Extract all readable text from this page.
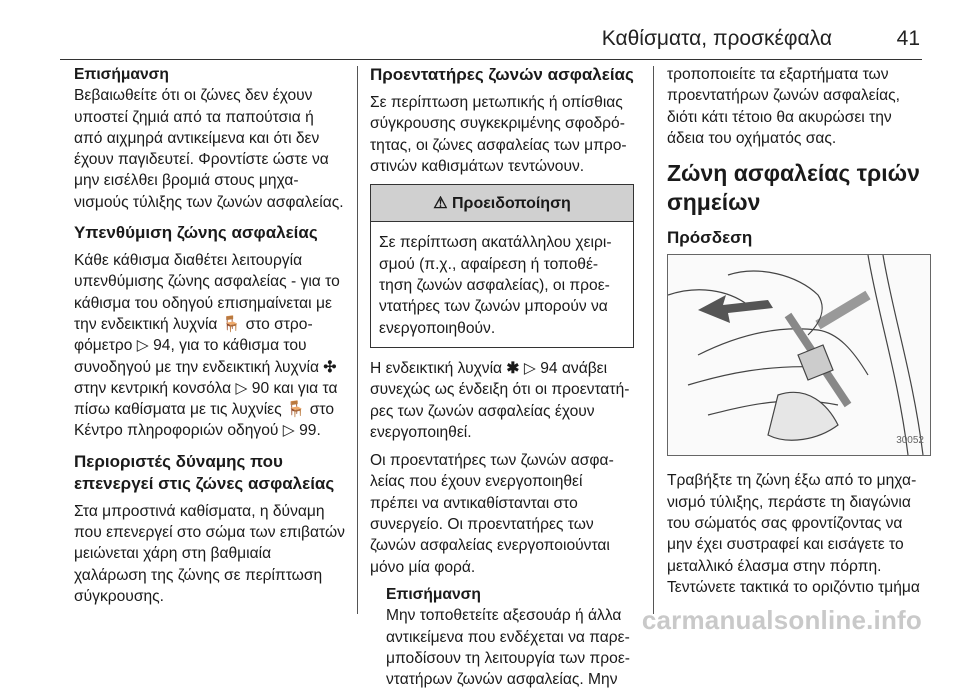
Καθίσματα, προσκέφαλα	41

Επισήμανση

Βεβαιωθείτε ότι οι ζώνες δεν έχουν υποστεί ζημιά από τα παπούτσια ή από αιχμηρά αντικείμενα και ότι δεν έχουν παγιδευτεί. Φροντίστε ώστε να μην εισέλθει βρομιά στους μηχανισμούς τύλιξης των ζωνών ασφαλείας.

Υπενθύμιση ζώνης ασφαλείας

Κάθε κάθισμα διαθέτει λειτουργία υπενθύμισης ζώνης ασφαλείας - για το κάθισμα του οδηγού επισημαίνεται με την ενδεικτική λυχνία 🪑 στο στροφόμετρο ▷ 94, για το κάθισμα του συνοδηγού με την ενδεικτική λυχνία ✣ στην κεντρική κονσόλα ▷ 90 και για τα πίσω καθίσματα με τις λυχνίες 🪑 στο Κέντρο πληροφοριών οδηγού ▷ 99.

Περιοριστές δύναμης που επενεργεί στις ζώνες ασφαλείας

Στα μπροστινά καθίσματα, η δύναμη που επενεργεί στο σώμα των επιβατών μειώνεται χάρη στη βαθμιαία χαλάρωση της ζώνης σε περίπτωση σύγκρουσης.

Προεντατήρες ζωνών ασφαλείας

Σε περίπτωση μετωπικής ή οπίσθιας σύγκρουσης συγκεκριμένης σφοδρότητας, οι ζώνες ασφαλείας των μπροστινών καθισμάτων τεντώνουν.

⚠ Προειδοποίηση
Σε περίπτωση ακατάλληλου χειρισμού (π.χ., αφαίρεση ή τοποθέτηση ζωνών ασφαλείας), οι προεντατήρες των ζωνών μπορούν να ενεργοποιηθούν.

Η ενδεικτική λυχνία ✱ ▷ 94 ανάβει συνεχώς ως ένδειξη ότι οι προεντατήρες των ζωνών ασφαλείας έχουν ενεργοποιηθεί.

Οι προεντατήρες των ζωνών ασφαλείας που έχουν ενεργοποιηθεί πρέπει να αντικαθίστανται στο συνεργείο. Οι προεντατήρες των ζωνών ασφαλείας ενεργοποιούνται μόνο μία φορά.

Επισήμανση

Μην τοποθετείτε αξεσουάρ ή άλλα αντικείμενα που ενδέχεται να παρεμποδίσουν τη λειτουργία των προεντατήρων ζωνών ασφαλείας. Μην

τροποποιείτε τα εξαρτήματα των προεντατήρων ζωνών ασφαλείας, διότι κάτι τέτοιο θα ακυρώσει την άδεια του οχήματός σας.

Ζώνη ασφαλείας τριών σημείων

Πρόσδεση

30052

Τραβήξτε τη ζώνη έξω από το μηχανισμό τύλιξης, περάστε τη διαγώνια του σώματός σας φροντίζοντας να μην έχει συστραφεί και εισάγετε το μεταλλικό έλασμα στην πόρπη. Τεντώνετε τακτικά το οριζόντιο τμήμα

carmanualsonline.info
